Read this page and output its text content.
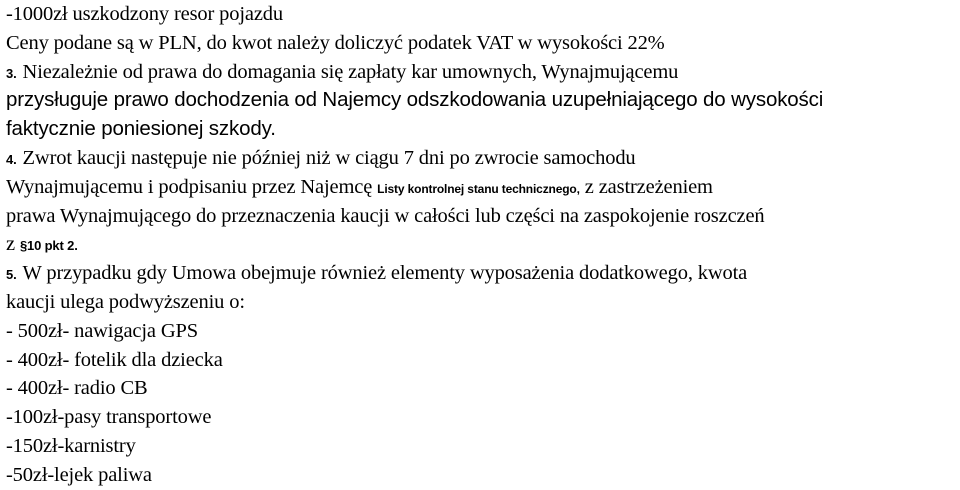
-1000zł uszkodzony resor pojazdu
Ceny podane są w PLN, do kwot należy doliczyć podatek VAT w wysokości 22%
3. Niezależnie od prawa do domagania się zapłaty kar umownych, Wynajmującemu
przysługuje prawo dochodzenia od Najemcy odszkodowania uzupełniającego do wysokości
faktycznie poniesionej szkody.
4. Zwrot kaucji następuje nie później niż w ciągu 7 dni po zwrocie samochodu
Wynajmującemu i podpisaniu przez Najemcę Listy kontrolnej stanu technicznego, z zastrzeżeniem
prawa Wynajmującego do przeznaczenia kaucji w całości lub części na zaspokojenie roszczeń
z §10 pkt 2.
5. W przypadku gdy Umowa obejmuje również elementy wyposażenia dodatkowego, kwota
kaucji ulega podwyższeniu o:
- 500zł- nawigacja GPS
- 400zł- fotelik dla dziecka
- 400zł- radio CB
-100zł-pasy transportowe
-150zł-karnistry
-50zł-lejek paliwa
